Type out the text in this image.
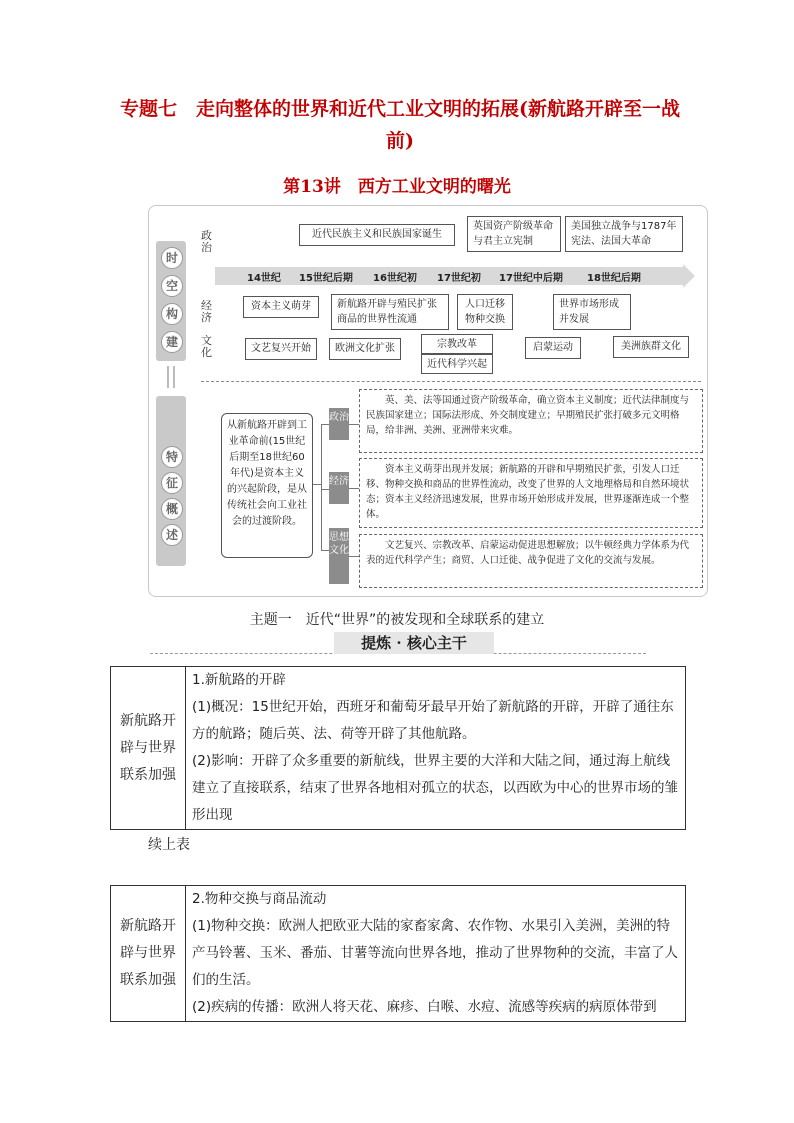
专题七　走向整体的世界和近代工业文明的拓展(新航路开辟至一战
前)
第13讲　西方工业文明的曙光
时
空
构
建
特
征
概
述
政治
经济
文化
近代民族主义和民族国家诞生
英国资产阶级革命与君主立宪制
美国独立战争与1787年宪法、法国大革命
14世纪 15世纪后期 16世纪初 17世纪初 17世纪中后期 18世纪后期
资本主义萌芽	新航路开辟与殖民扩张商品的世界性流通
人口迁移物种交换
世界市场形成并发展
文艺复兴开始	欧洲文化扩张	宗教改革
近代科学兴起
启蒙运动	美洲族群文化
从新航路开辟到工业革命前(15世纪后期至18世纪60年代)是资本主义的兴起阶段，是从传统社会向工业社会的过渡阶段。
政治
经济
思想文化
英、美、法等国通过资产阶级革命，确立资本主义制度；近代法律制度与民族国家建立；国际法形成、外交制度建立；早期殖民扩张打破多元文明格局，给非洲、美洲、亚洲带来灾难。
资本主义萌芽出现并发展；新航路的开辟和早期殖民扩张，引发人口迁移、物种交换和商品的世界性流动，改变了世界的人文地理格局和自然环境状态；资本主义经济迅速发展，世界市场开始形成并发展，世界逐渐连成一个整体。
文艺复兴、宗教改革、启蒙运动促进思想解放；以牛顿经典力学体系为代表的近代科学产生；商贸、人口迁徙、战争促进了文化的交流与发展。
主题一　近代“世界”的被发现和全球联系的建立
提炼 · 核心主干
新航路开辟与世界联系加强	
1.新航路的开辟
(1)概况：15世纪开始，西班牙和葡萄牙最早开始了新航路的开辟，开辟了通往东方的航路；随后英、法、荷等开辟了其他航路。
(2)影响：开辟了众多重要的新航线，世界主要的大洋和大陆之间，通过海上航线建立了直接联系，结束了世界各地相对孤立的状态，以西欧为中心的世界市场的雏形出现
续上表
新航路开辟与世界联系加强	
2.物种交换与商品流动
(1)物种交换：欧洲人把欧亚大陆的家畜家禽、农作物、水果引入美洲，美洲的特产马铃薯、玉米、番茄、甘薯等流向世界各地，推动了世界物种的交流，丰富了人们的生活。
(2)疾病的传播：欧洲人将天花、麻疹、白喉、水痘、流感等疾病的病原体带到
